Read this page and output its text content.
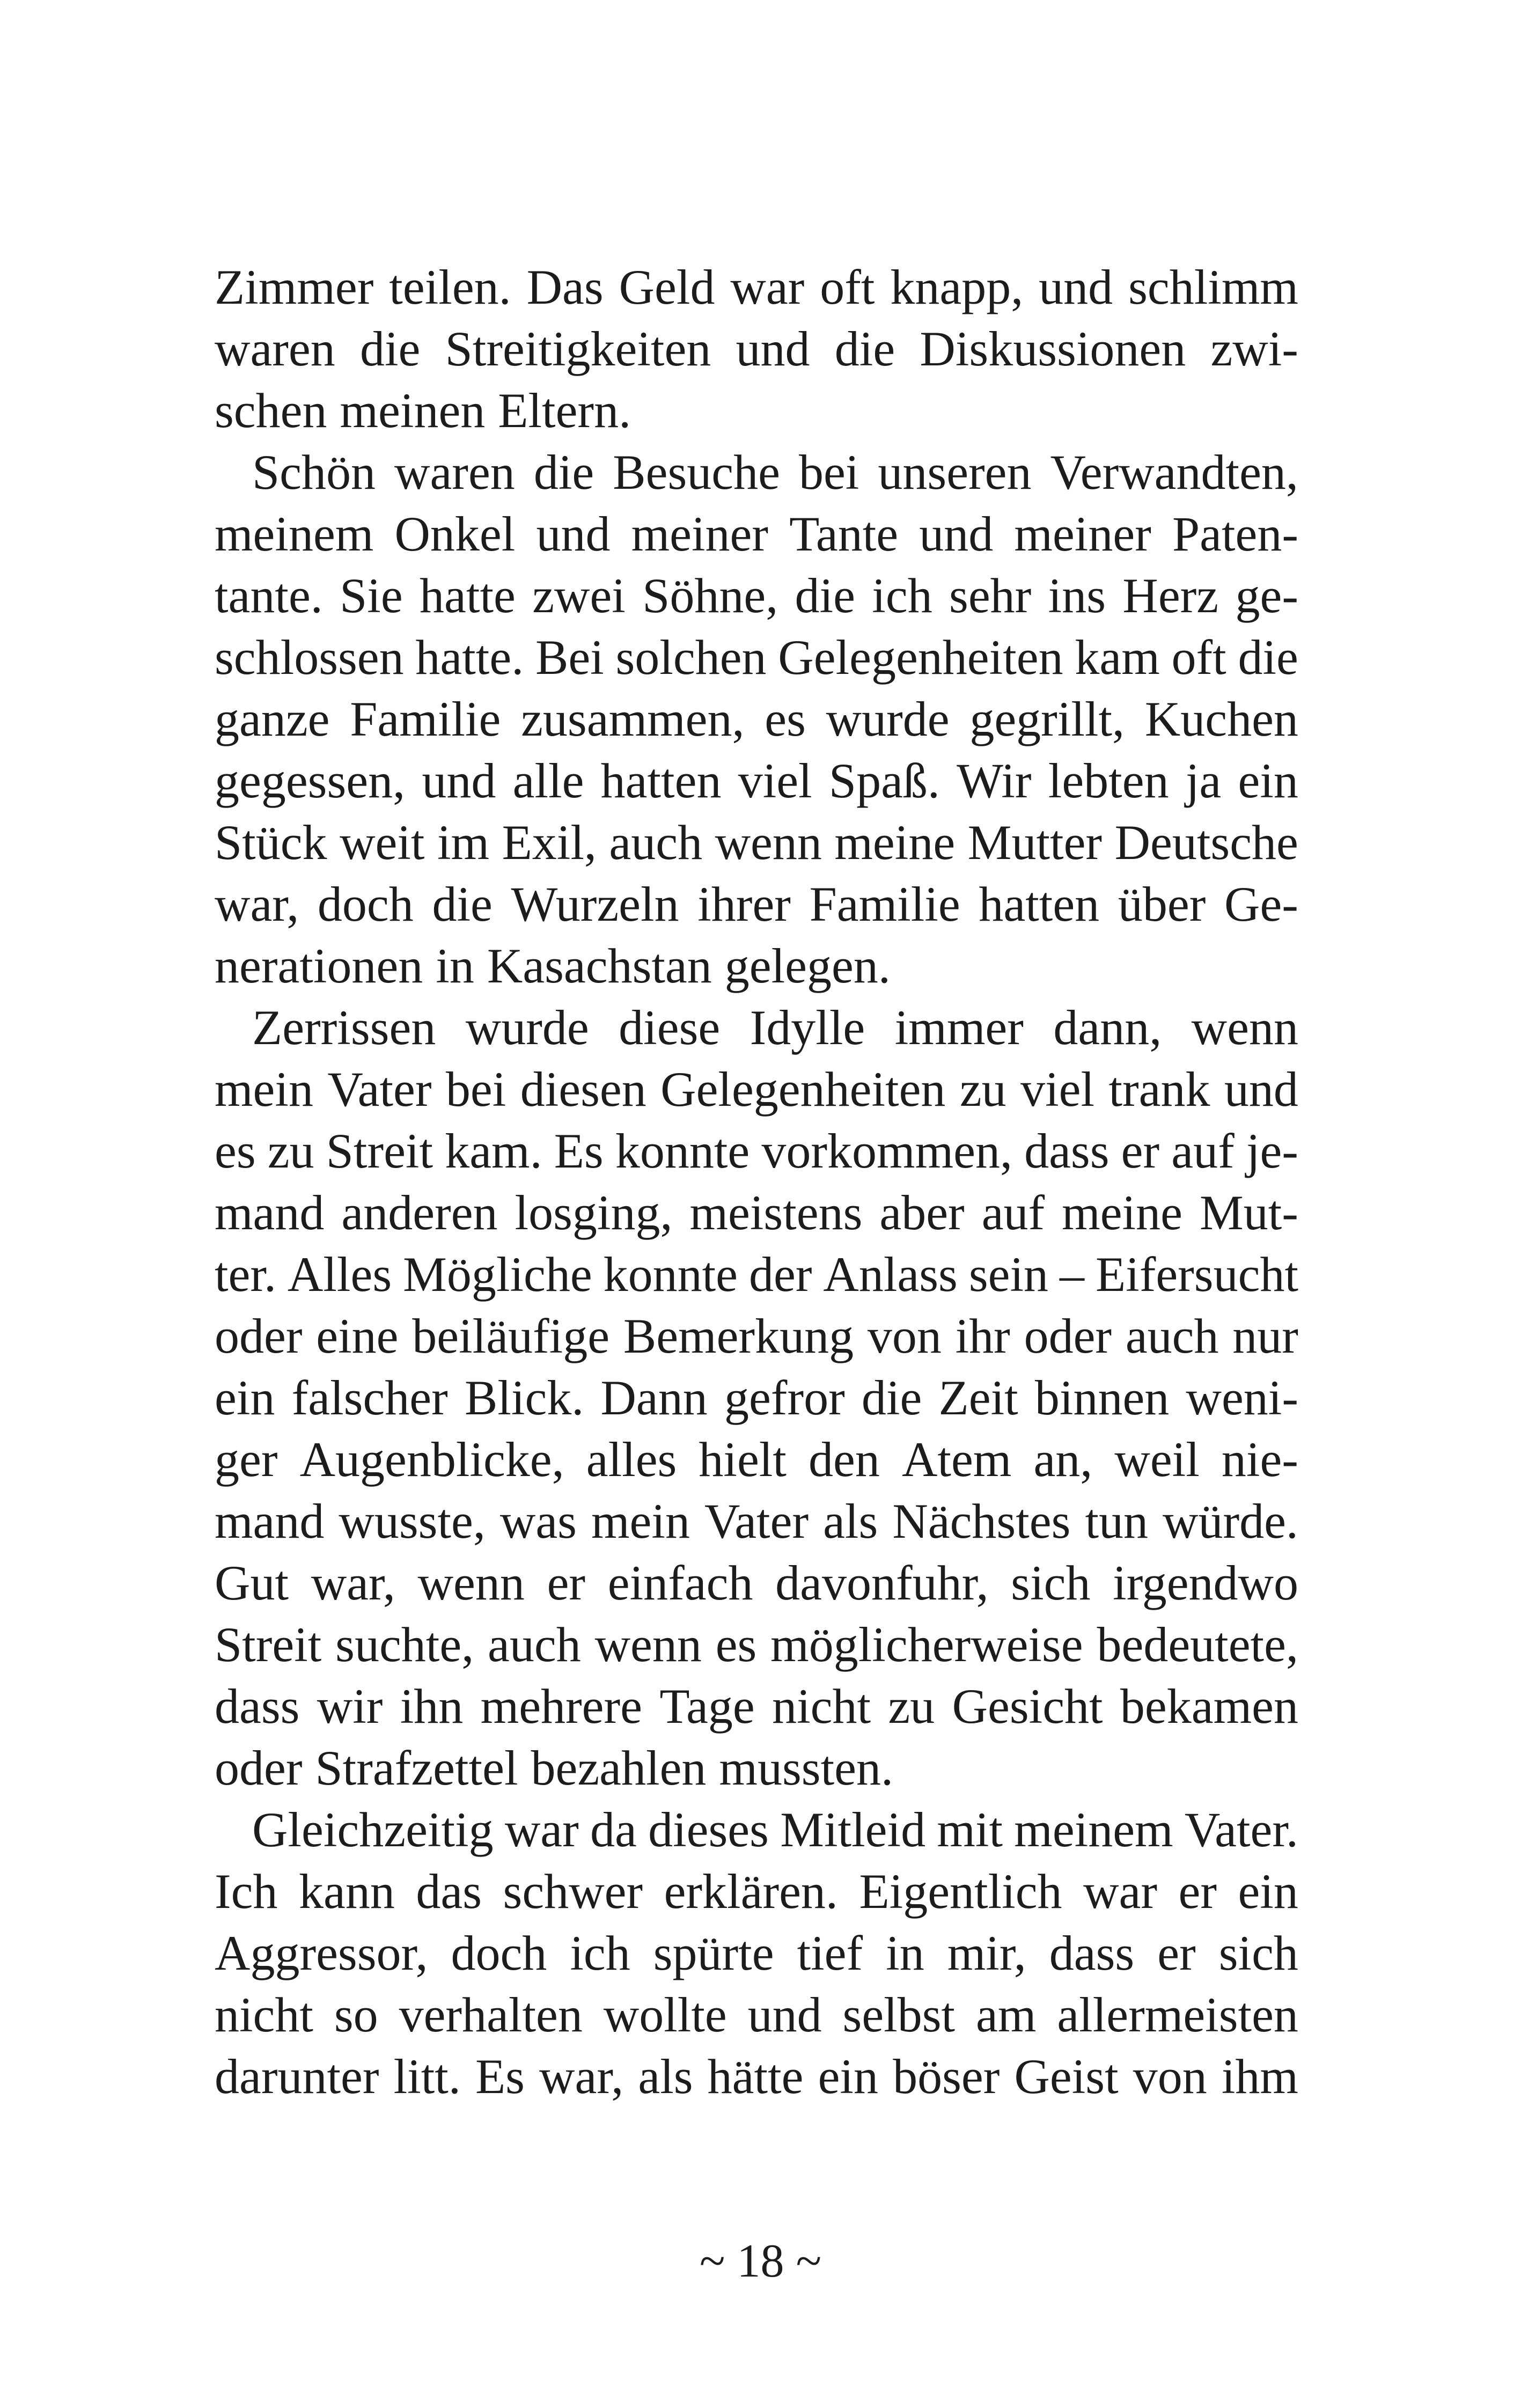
Zimmer teilen. Das Geld war oft knapp, und schlimm
waren die Streitigkeiten und die Diskussionen zwi-
schen meinen Eltern.
Schön waren die Besuche bei unseren Verwandten,
meinem Onkel und meiner Tante und meiner Paten-
tante. Sie hatte zwei Söhne, die ich sehr ins Herz ge-
schlossen hatte. Bei solchen Gelegenheiten kam oft die
ganze Familie zusammen, es wurde gegrillt, Kuchen
gegessen, und alle hatten viel Spaß. Wir lebten ja ein
Stück weit im Exil, auch wenn meine Mutter Deutsche
war, doch die Wurzeln ihrer Familie hatten über Ge-
nerationen in Kasachstan gelegen.
Zerrissen wurde diese Idylle immer dann, wenn
mein Vater bei diesen Gelegenheiten zu viel trank und
es zu Streit kam. Es konnte vorkommen, dass er auf je-
mand anderen losging, meistens aber auf meine Mut-
ter. Alles Mögliche konnte der Anlass sein – Eifersucht
oder eine beiläufige Bemerkung von ihr oder auch nur
ein falscher Blick. Dann gefror die Zeit binnen weni-
ger Augenblicke, alles hielt den Atem an, weil nie-
mand wusste, was mein Vater als Nächstes tun würde.
Gut war, wenn er einfach davonfuhr, sich irgendwo
Streit suchte, auch wenn es möglicherweise bedeutete,
dass wir ihn mehrere Tage nicht zu Gesicht bekamen
oder Strafzettel bezahlen mussten.
Gleichzeitig war da dieses Mitleid mit meinem Vater.
Ich kann das schwer erklären. Eigentlich war er ein
Aggressor, doch ich spürte tief in mir, dass er sich
nicht so verhalten wollte und selbst am allermeisten
darunter litt. Es war, als hätte ein böser Geist von ihm
~ 18 ~
